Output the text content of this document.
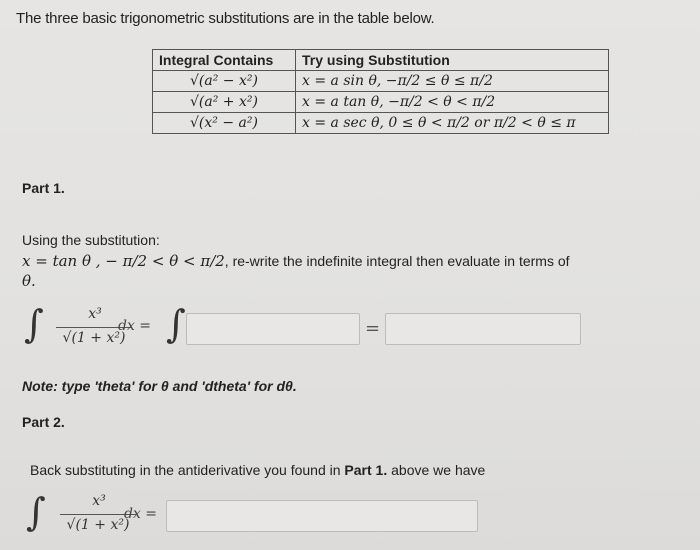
The three basic trigonometric substitutions are in the table below.
Integral Contains	Try using Substitution
√(a² − x²)	x = a sin θ, −π/2 ≤ θ ≤ π/2
√(a² + x²)	x = a tan θ, −π/2 < θ < π/2
√(x² − a²)	x = a sec θ, 0 ≤ θ < π/2 or π/2 < θ ≤ π
Part 1.
Using the substitution:
x = tan θ , − π/2 < θ < π/2, re-write the indefinite integral then evaluate in terms of
θ.
∫	x³
√(1 + x²)
dx = ∫	=
Note: type 'theta' for θ and 'dtheta' for dθ.
Part 2.
Back substituting in the antiderivative you found in Part 1. above we have
∫	x³
√(1 + x²)
dx =
